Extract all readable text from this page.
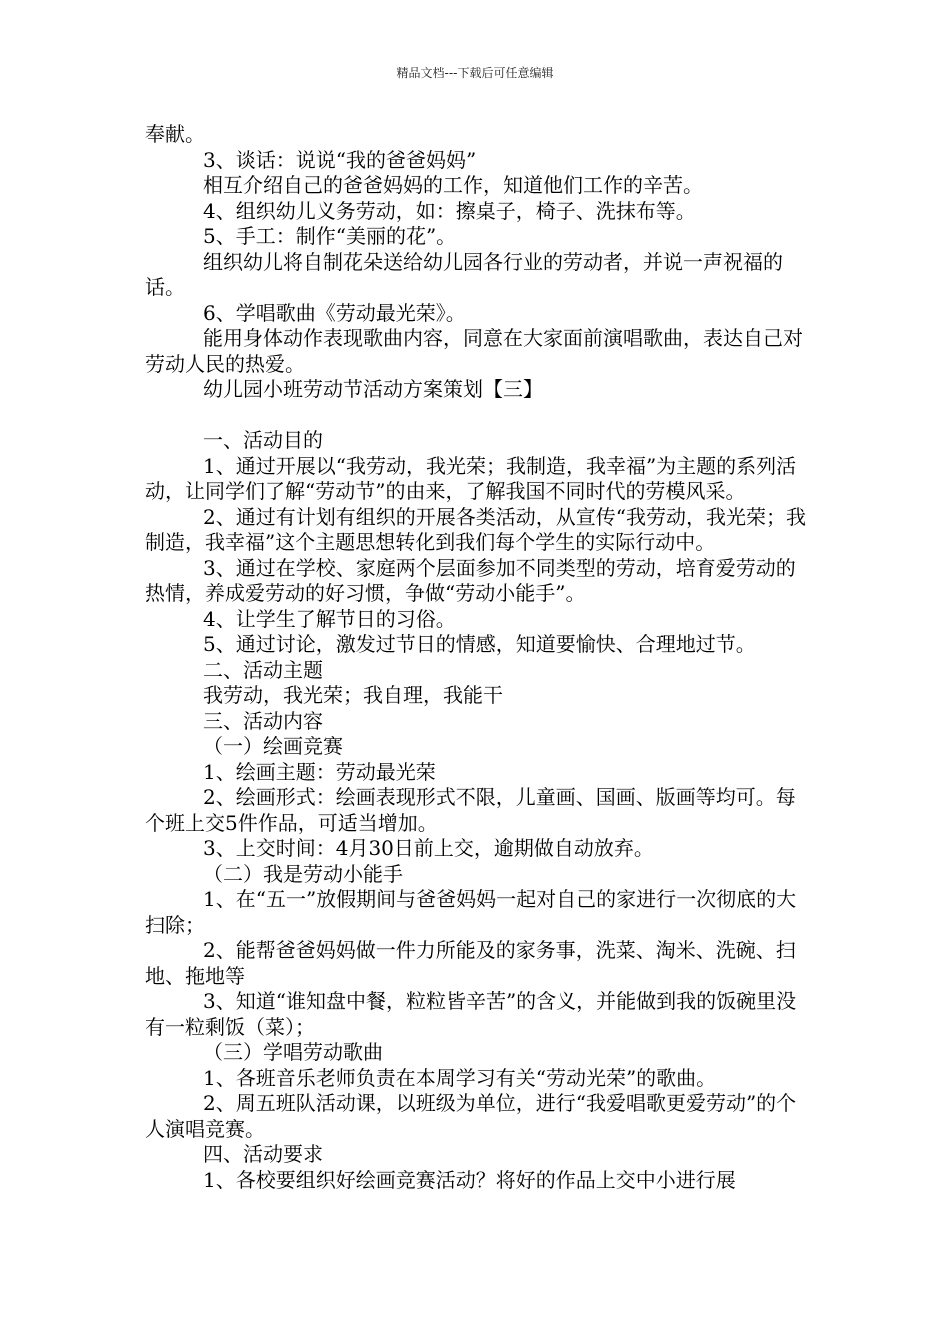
精品文档---下载后可任意编辑

奉献。

3、谈话：说说“我的爸爸妈妈”

相互介绍自己的爸爸妈妈的工作，知道他们工作的辛苦。

4、组织幼儿义务劳动，如：擦桌子，椅子、洗抹布等。

5、手工：制作“美丽的花”。

组织幼儿将自制花朵送给幼儿园各行业的劳动者，并说一声祝福的话。

6、学唱歌曲《劳动最光荣》。

能用身体动作表现歌曲内容，同意在大家面前演唱歌曲，表达自己对劳动人民的热爱。

幼儿园小班劳动节活动方案策划【三】

一、活动目的

1、通过开展以“我劳动，我光荣；我制造，我幸福”为主题的系列活动，让同学们了解“劳动节”的由来，了解我国不同时代的劳模风采。

2、通过有计划有组织的开展各类活动，从宣传“我劳动，我光荣；我制造，我幸福”这个主题思想转化到我们每个学生的实际行动中。

3、通过在学校、家庭两个层面参加不同类型的劳动，培育爱劳动的热情，养成爱劳动的好习惯，争做“劳动小能手”。

4、让学生了解节日的习俗。

5、通过讨论，激发过节日的情感，知道要愉快、合理地过节。

二、活动主题

我劳动，我光荣；我自理，我能干

三、活动内容

（一）绘画竞赛

1、绘画主题：劳动最光荣

2、绘画形式：绘画表现形式不限，儿童画、国画、版画等均可。每个班上交5件作品，可适当增加。

3、上交时间：4月30日前上交，逾期做自动放弃。

（二）我是劳动小能手

1、在“五一”放假期间与爸爸妈妈一起对自己的家进行一次彻底的大扫除；

2、能帮爸爸妈妈做一件力所能及的家务事，洗菜、淘米、洗碗、扫地、拖地等

3、知道“谁知盘中餐，粒粒皆辛苦”的含义，并能做到我的饭碗里没有一粒剩饭（菜）；

（三）学唱劳动歌曲

1、各班音乐老师负责在本周学习有关“劳动光荣”的歌曲。

2、周五班队活动课，以班级为单位，进行“我爱唱歌更爱劳动”的个人演唱竞赛。

四、活动要求

1、各校要组织好绘画竞赛活动？将好的作品上交中小进行展
